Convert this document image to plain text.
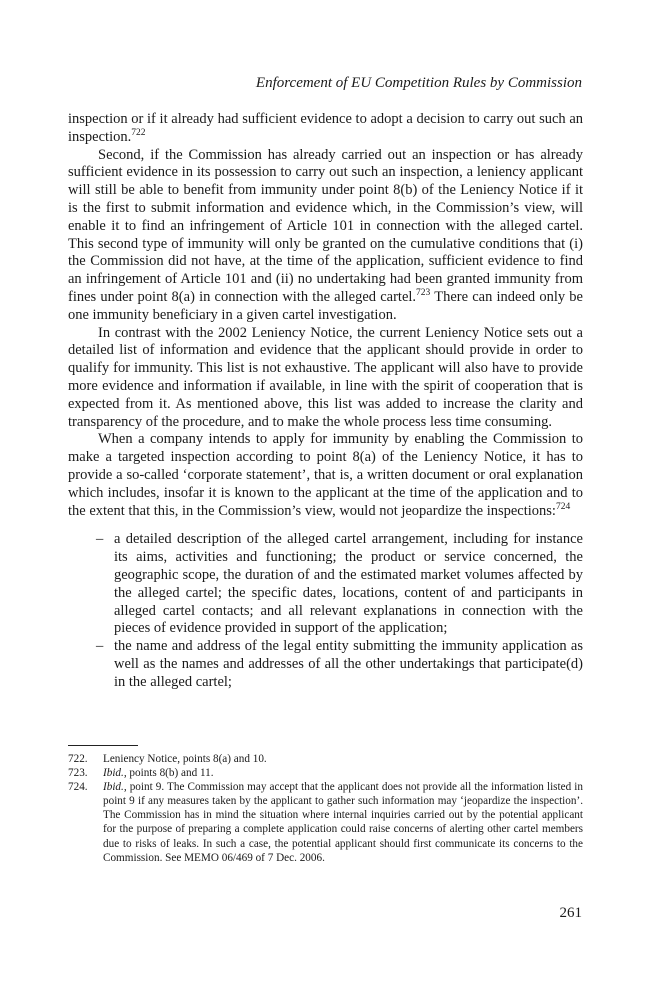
Enforcement of EU Competition Rules by Commission

inspection or if it already had sufficient evidence to adopt a decision to carry out such an inspection.$^{722}$

Second, if the Commission has already carried out an inspection or has already sufficient evidence in its possession to carry out such an inspection, a leniency applicant will still be able to benefit from immunity under point 8(b) of the Leniency Notice if it is the first to submit information and evidence which, in the Commission’s view, will enable it to find an infringement of Article 101 in connection with the alleged cartel. This second type of immunity will only be granted on the cumulative conditions that (i) the Commission did not have, at the time of the application, sufficient evidence to find an infringement of Article 101 and (ii) no undertaking had been granted immunity from fines under point 8(a) in connection with the alleged cartel.$^{723}$ There can indeed only be one immunity beneficiary in a given cartel investigation.

In contrast with the 2002 Leniency Notice, the current Leniency Notice sets out a detailed list of information and evidence that the applicant should provide in order to qualify for immunity. This list is not exhaustive. The applicant will also have to provide more evidence and information if available, in line with the spirit of cooperation that is expected from it. As mentioned above, this list was added to increase the clarity and transparency of the procedure, and to make the whole process less time consuming.

When a company intends to apply for immunity by enabling the Commission to make a targeted inspection according to point 8(a) of the Leniency Notice, it has to provide a so-called ‘corporate statement’, that is, a written document or oral explanation which includes, insofar it is known to the applicant at the time of the application and to the extent that this, in the Commission’s view, would not jeopardize the inspections:$^{724}$

– a detailed description of the alleged cartel arrangement, including for instance its aims, activities and functioning; the product or service concerned, the geographic scope, the duration of and the estimated market volumes affected by the alleged cartel; the specific dates, locations, content of and participants in alleged cartel contacts; and all relevant explanations in connection with the pieces of evidence provided in support of the application;
– the name and address of the legal entity submitting the immunity application as well as the names and addresses of all the other undertakings that participate(d) in the alleged cartel;
722. Leniency Notice, points 8(a) and 10.
723. Ibid., points 8(b) and 11.
724. Ibid., point 9. The Commission may accept that the applicant does not provide all the information listed in point 9 if any measures taken by the applicant to gather such information may ‘jeopardize the inspection’. The Commission has in mind the situation where internal inquiries carried out by the potential applicant for the purpose of preparing a complete application could raise concerns of alerting other cartel members due to risks of leaks. In such a case, the potential applicant should first communicate its concerns to the Commission. See MEMO 06/469 of 7 Dec. 2006.
261
